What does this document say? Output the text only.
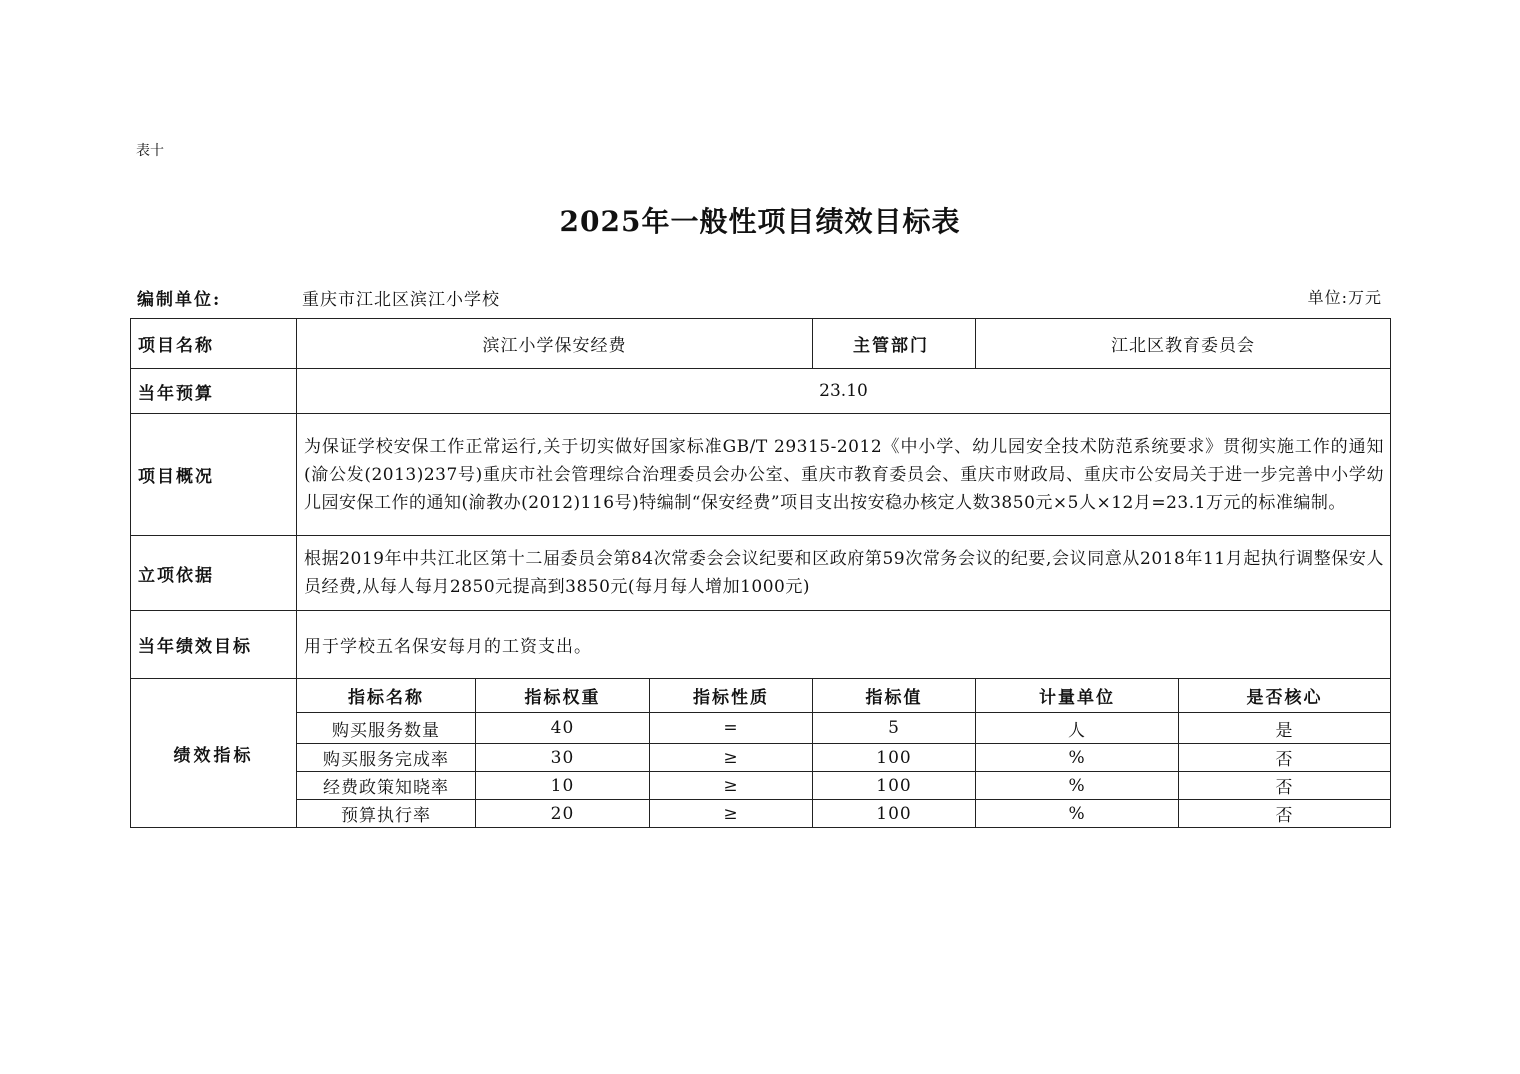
表十
2025年一般性项目绩效目标表
编制单位:	重庆市江北区滨江小学校	单位:万元
项目名称	滨江小学保安经费			主管部门	江北区教育委员会	
当年预算	23.10					
项目概况	为保证学校安保工作正常运行,关于切实做好国家标准GB/T 29315-2012《中小学、幼儿园安全技术防范系统要求》贯彻实施工作的通知(渝公发(2013)237号)重庆市社会管理综合治理委员会办公室、重庆市教育委员会、重庆市财政局、重庆市公安局关于进一步完善中小学幼儿园安保工作的通知(渝教办(2012)116号)特编制“保安经费”项目支出按安稳办核定人数3850元×5人×12月=23.1万元的标准编制。					
立项依据	根据2019年中共江北区第十二届委员会第84次常委会会议纪要和区政府第59次常务会议的纪要,会议同意从2018年11月起执行调整保安人员经费,从每人每月2850元提高到3850元(每月每人增加1000元)					
当年绩效目标	用于学校五名保安每月的工资支出。					
绩效指标	指标名称	指标权重	指标性质	指标值	计量单位	是否核心
	购买服务数量	40	=	5	人	是
	购买服务完成率	30	≥	100	%	否
	经费政策知晓率	10	≥	100	%	否
	预算执行率	20	≥	100	%	否
